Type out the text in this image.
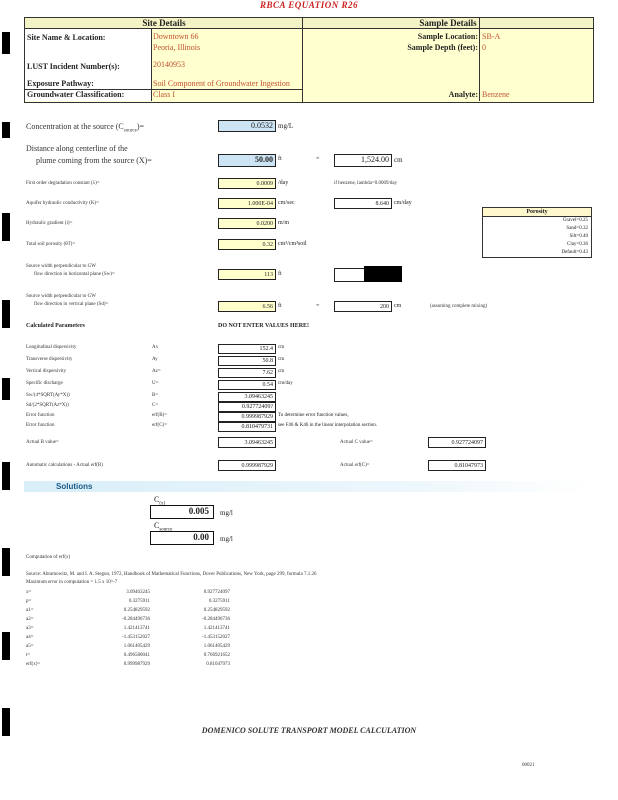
RBCA EQUATION R26
Site Details	Sample Details
Site Name & Location:	Downtown 66
Peoria, Illinois
LUST Incident Number(s):	20140953
Exposure Pathway:	Soil Component of Groundwater Ingestion
Groundwater Classification:	Class I
Sample Location: SB-A
Sample Depth (feet): 0
Analyte: Benzene
Concentration at the source $(C_{source})=$	0.0532 mg/L
Distance along centerline of the
plume coming from the source (X)=	50.00 ft	=	1,524.00 cm
First order degradation constant (λ)=	0.0009 /day	if benzene, lambda=0.0009/day
Aquifer hydraulic conductivity (K)=	1.000E-04 cm/sec	8.640 cm/day
Hydraulic gradient (i)=	0.0200 m/m
Total soil porosity (θT)=	0.32 cm³/cm³soil
Porosity
Gravel=0.25
Sand=0.32
Silt=0.40
Clay=0.36
Default=0.43
Source width perpendicular to GW
flow direction in horizontal plane (Sw)=	113 ft
Source width perpendicular to GW
flow direction in vertical plane (Sd)=	6.56 ft	=	200 cm	(assuming complete mixing)
Calculated Parameters	DO NOT ENTER VALUES HERE!
Longitudinal dispersivity	Ax	152.4	cm
Transverse dispersivity	Ay	50.8	cm
Vertical dispersivity	Az=	7.62	cm
Specific discharge	U=	0.54	cm/day
Sw/(4*SQRT(Ay*X))	B=	3.09463245
Sd/(2*SQRT(Az*X))	C=	0.92772409?
Error function	erf(B)=	0.999987929	To determine error function values,
Error function	erf(C)=	0.810479731	see F46 & K46 in the linear interpolation section.
Actual B value=	3.09463245	Actual C value=	0.927724097
Automatic calculations - Actual erf(B)	0.999987929	Actual erf(C)=	0.81047973
Solutions
C
0.005	mg/l
C
0.00	mg/l
Computation of erf(x)
Source: Abramowitz, M. and I. A. Stegun, 1972, Handbook of Mathematical Functions, Dover Publications, New York, page 299, formula 7.1.26
Maximum error in computation = 1.5 x 10^-7
x=	3.09463245	0.927724097
p=	0.3275911	0.3275911
a1=	0.254829592	0.254829592
a2=	-0.284496736	-0.284496736
a3=	1.421413741	1.421413741
a4=	-1.453152027	-1.453152027
a5=	1.061405429	1.061405429
t=	0.496580041	0.766921652
erf(x)=	0.999987929	0.81047973
DOMENICO SOLUTE TRANSPORT MODEL CALCULATION
00021
